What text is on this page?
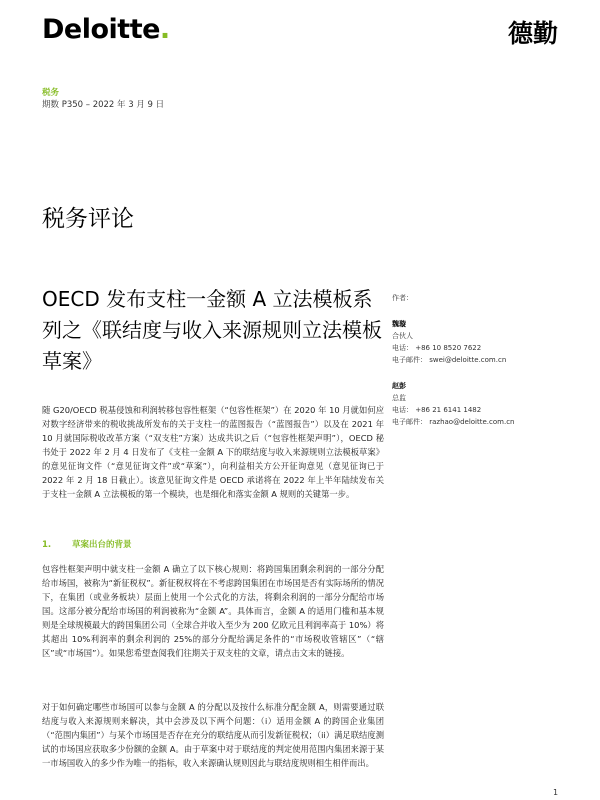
Deloitte.	德勤
税务
期数 P350 – 2022 年 3 月 9 日
税务评论
OECD 发布支柱一金额 A 立法模板系列之《联结度与收入来源规则立法模板草案》
作者：
魏璇
合伙人
电话： +86 10 8520 7622
电子邮件： swei@deloitte.com.cn
赵彭
总监
电话： +86 21 6141 1482
电子邮件： razhao@deloitte.com.cn
随 G20/OECD 税基侵蚀和利润转移包容性框架（“包容性框架”）在 2020 年 10 月就如何应对数字经济带来的税收挑战所发布的关于支柱一的蓝图报告（“蓝图报告”）以及在 2021 年 10 月就国际税收改革方案（“双支柱”方案）达成共识之后（“包容性框架声明”），OECD 秘书处于 2022 年 2 月 4 日发布了《支柱一金额 A 下的联结度与收入来源规则立法模板草案》的意见征询文件（“意见征询文件”或“草案”），向利益相关方公开征询意见（意见征询已于 2022 年 2 月 18 日截止）。该意见征询文件是 OECD 承诺将在 2022 年上半年陆续发布关于支柱一金额 A 立法模板的第一个模块，也是细化和落实金额 A 规则的关键第一步。
1. 草案出台的背景
包容性框架声明中就支柱一金额 A 确立了以下核心规则：将跨国集团剩余利润的一部分分配给市场国，被称为“新征税权”。新征税权将在不考虑跨国集团在市场国是否有实际场所的情况下，在集团（或业务板块）层面上使用一个公式化的方法，将剩余利润的一部分分配给市场国。这部分被分配给市场国的利润被称为“金额 A”。具体而言，金额 A 的适用门槛和基本规则是全球规模最大的跨国集团公司（全球合并收入至少为 200 亿欧元且利润率高于 10%）将其超出 10%利润率的剩余利润的 25%的部分分配给满足条件的“市场税收管辖区”（“辖区”或“市场国”）。如果您希望查阅我们往期关于双支柱的文章，请点击文末的链接。
对于如何确定哪些市场国可以参与金额 A 的分配以及按什么标准分配金额 A，则需要通过联结度与收入来源规则来解决，其中会涉及以下两个问题：（i）适用金额 A 的跨国企业集团（“范围内集团”）与某个市场国是否存在充分的联结度从而引发新征税权；（ii）满足联结度测试的市场国应获取多少份额的金额 A。由于草案中对于联结度的判定使用范围内集团来源于某一市场国收入的多少作为唯一的指标，收入来源确认规则因此与联结度规则相生相伴而出。
1
